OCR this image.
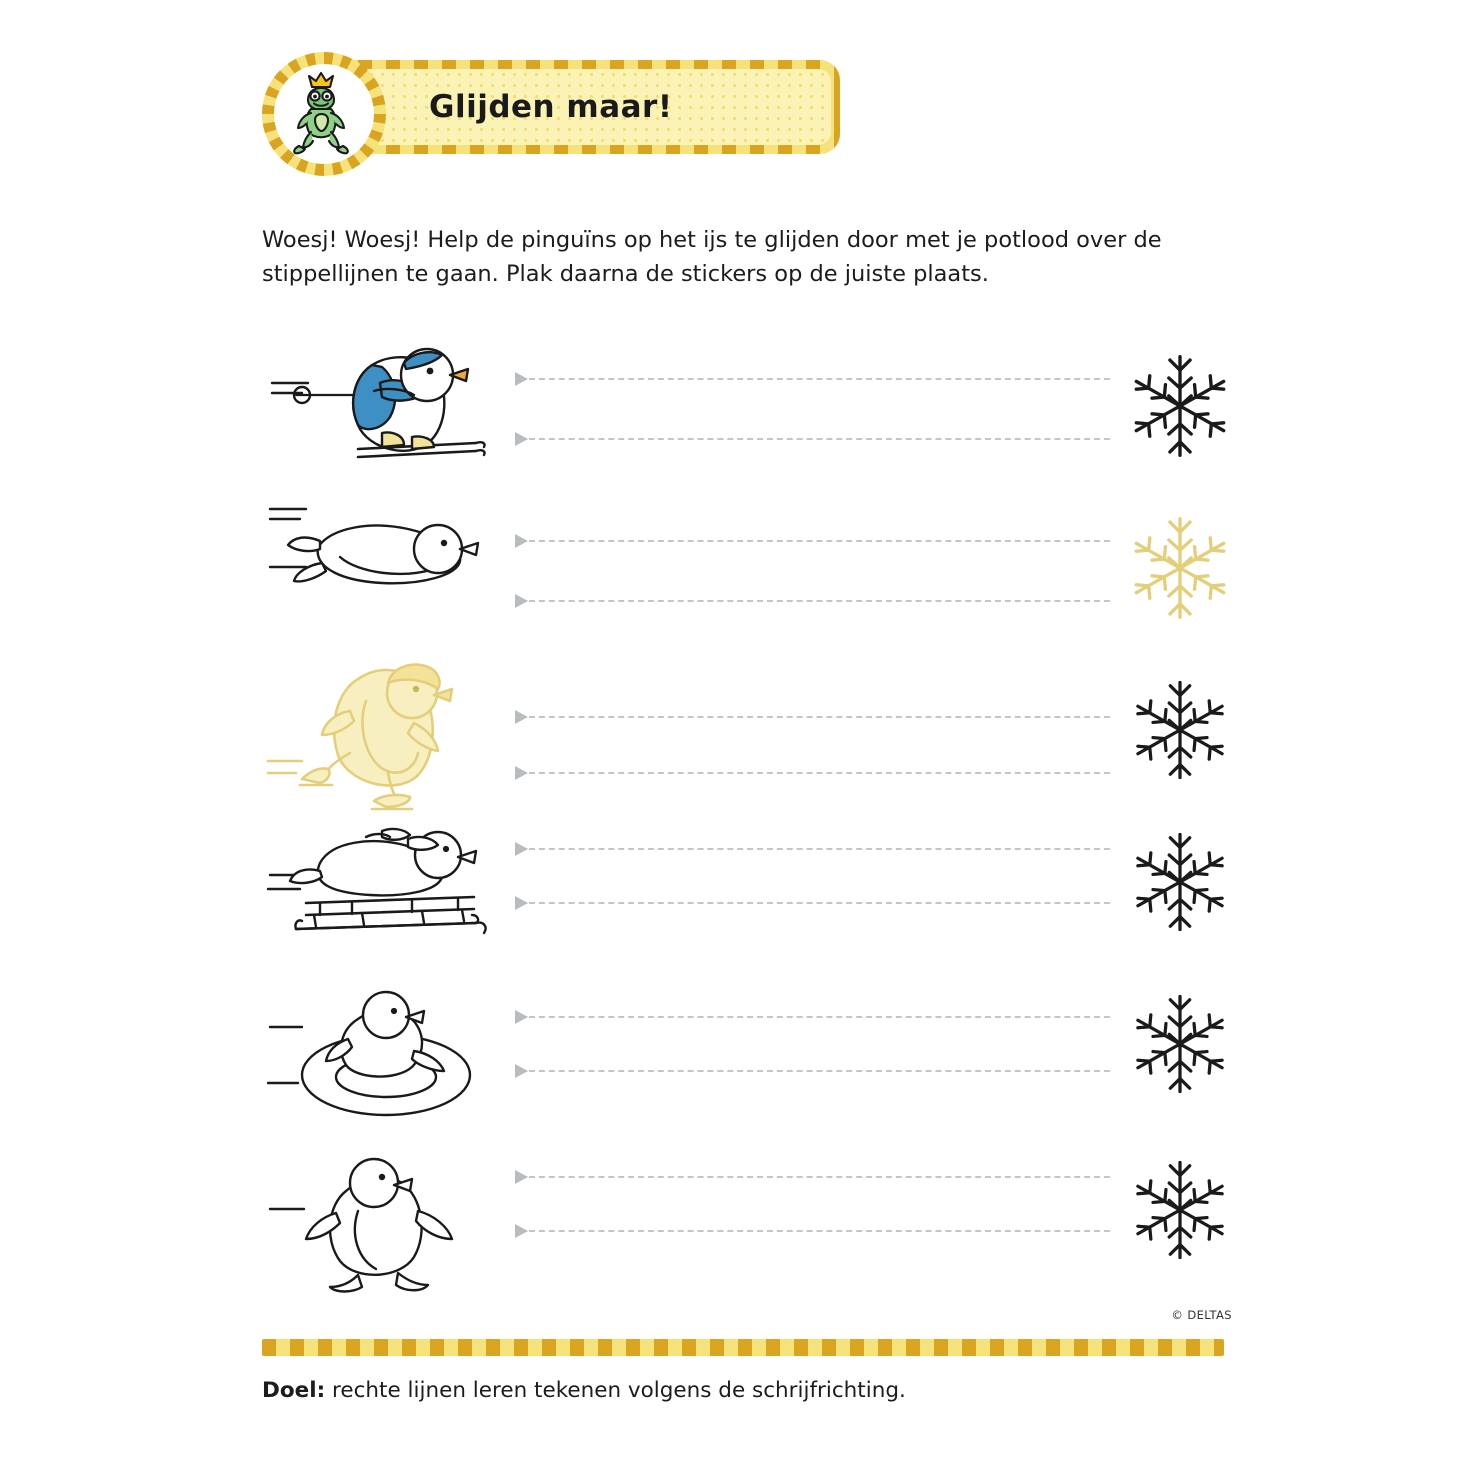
Glijden maar!

Woesj! Woesj! Help de pinguïns op het ijs te glijden door met je potlood over de stippellijnen te gaan. Plak daarna de stickers op de juiste plaats.

© DELTAS
Doel: rechte lijnen leren tekenen volgens de schrijfrichting.
